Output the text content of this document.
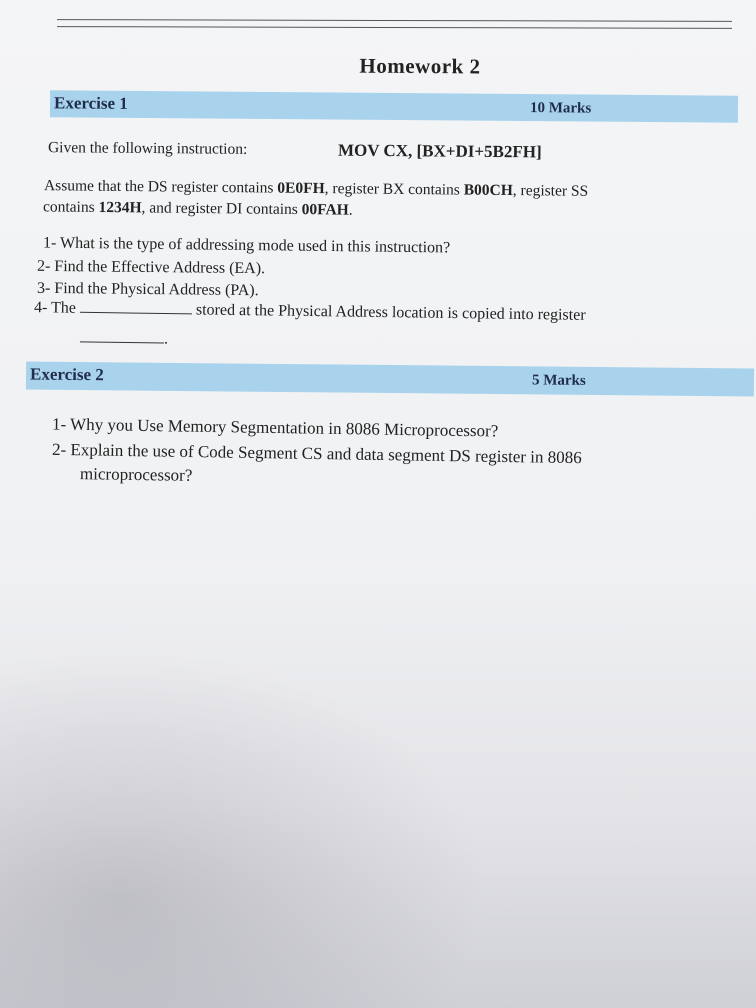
Homework 2
Exercise 1	10 Marks
Given the following instruction:	MOV CX, [BX+DI+5B2FH]
Assume that the DS register contains 0E0FH, register BX contains B00CH, register SS
contains 1234H, and register DI contains 00FAH.
1- What is the type of addressing mode used in this instruction?
2- Find the Effective Address (EA).
3- Find the Physical Address (PA).
4- The	stored at the Physical Address location is copied into register
.
Exercise 2	5 Marks
1- Why you Use Memory Segmentation in 8086 Microprocessor?
2- Explain the use of Code Segment CS and data segment DS register in 8086
microprocessor?
